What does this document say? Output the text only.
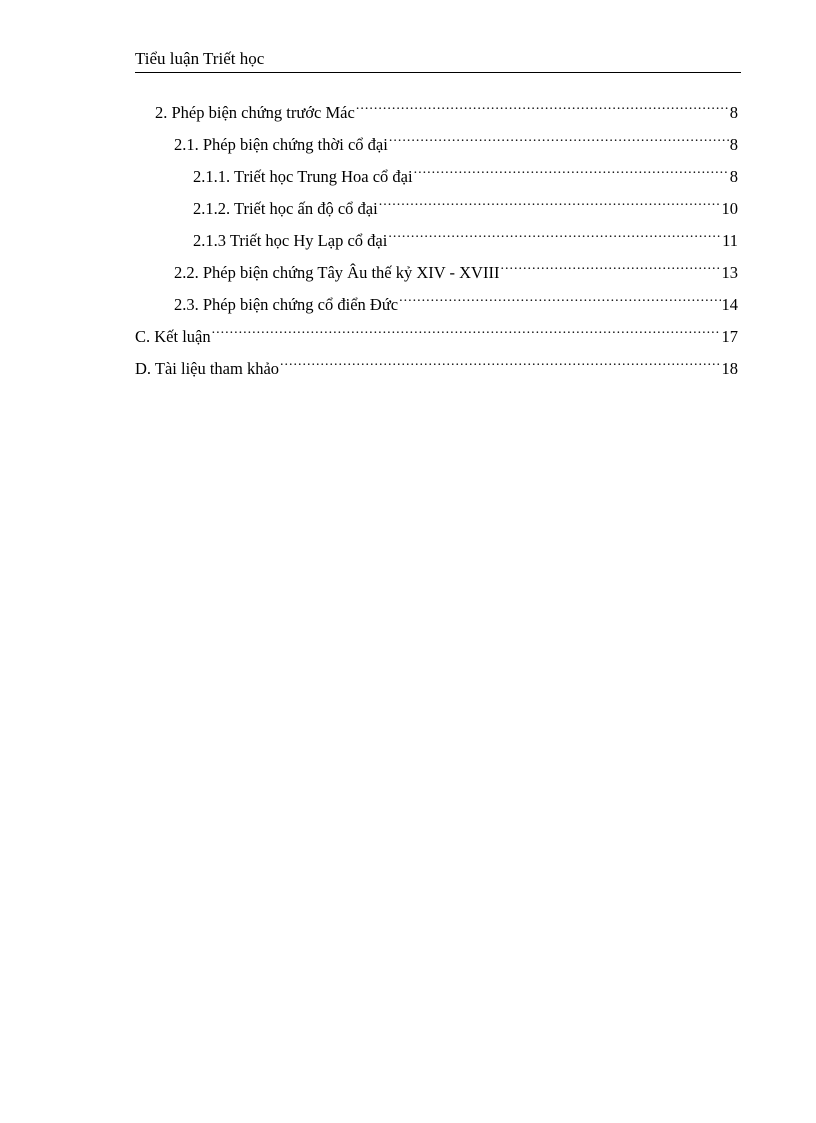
Tiểu luận Triết học
2. Phép biện chứng trước Mác .....	8
2.1. Phép biện chứng thời cổ đại .....	8
2.1.1. Triết học Trung Hoa cổ đại .....	8
2.1.2. Triết học ấn độ cổ đại .....	10
2.1.3 Triết học Hy Lạp cổ đại .....	11
2.2. Phép biện chứng Tây Âu thế kỷ XIV - XVIII .....	13
2.3. Phép biện chứng cổ điển Đức .....	14
C. Kết luận .....	17
D. Tài liệu tham khảo .....	18
